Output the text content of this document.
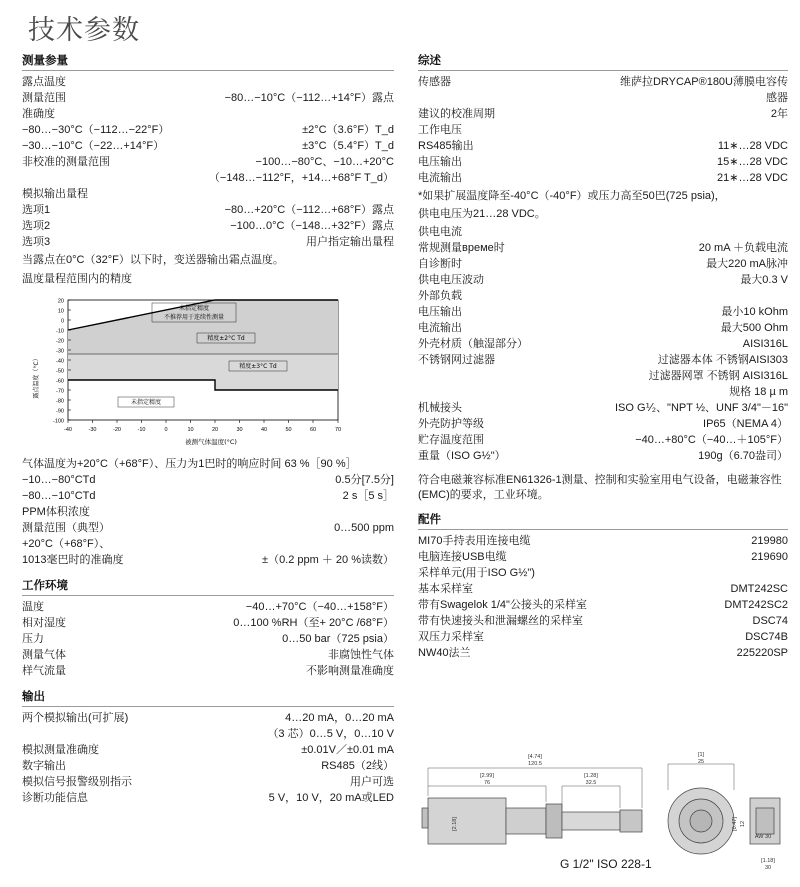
技术参数
测量参量
露点温度	
测量范围	−80…−10°C（−112…+14°F）露点
准确度	
−80…−30°C（−112…−22°F）	±2°C（3.6°F）T_d
−30…−10°C（−22…+14°F）	±3°C（5.4°F）T_d
非校准的测量范围	−100…−80°C、−10…+20°C
	（−148…−112°F，+14…+68°F T_d）
模拟输出量程	
选项1	−80…+20°C（−112…+68°F）露点
选项2	−100…0°C（−148…+32°F）露点
选项3	用户指定输出量程
当露点在0°C（32°F）以下时，变送器输出霜点温度。
温度量程范围内的精度
20
10
0
-10
-20
-30
-40
-50
-60
-70
-80
-90
-100
-40	-30	-20	-10	0	10	20	30	40	50	60	70
未指定精度
不推荐用于连续性测量
精度±2°C Td
精度±3°C Td
未指定精度
露点温度（°C）
被测气体温度(°C)
气体温度为+20°C（+68°F）、压力为1巴时的响应时间 63 %［90 %］	
−10…−80°CTd	0.5分[7.5分]
−80…−10°CTd	2 s［5 s］
PPM体积浓度	
测量范围（典型）	0…500 ppm
+20°C（+68°F）、	
1013毫巴时的准确度	±（0.2 ppm ＋ 20 %读数）
工作环境
温度	−40…+70°C（−40…+158°F）
相对湿度	0…100 %RH（至+ 20°C /68°F）
压力	0…50 bar（725 psia）
测量气体	非腐蚀性气体
样气流量	不影响测量准确度
输出
两个模拟输出(可扩展)	4…20 mA，0…20 mA
	（3 芯）0…5 V，0…10 V
模拟测量准确度	±0.01V／±0.01 mA
数字输出	RS485（2线）
模拟信号报警级别指示	用户可选
诊断功能信息	5 V，10 V，20 mA或LED
综述
传感器	维萨拉DRYCAP®180U薄膜电容传
	感器
建议的校准周期	2年
工作电压	
RS485输出	11∗…28 VDC
电压输出	15∗…28 VDC
电流输出	21∗…28 VDC
*如果扩展温度降至-40°C（-40°F）或压力高至50巴(725 psia)，
供电电压为21…28 VDC。
供电电流	
常规测量време时	20 mA ＋负载电流
自诊断时	最大220 mA脉冲
供电电压波动	最大0.3 V
外部负载	
电压输出	最小10 kOhm
电流输出	最大500 Ohm
外壳材质（触湿部分）	AISI316L
不锈钢网过滤器	过滤器本体 不锈钢AISI303
	过滤器网罩 不锈钢 AISI316L
	规格 18 µ m
机械接头	ISO G⅟₂、"NPT ½、UNF 3/4"－16"
外壳防护等级	IP65（NEMA 4）
贮存温度范围	−40…+80°C（−40…＋105°F）
重量（ISO G½"）	190g（6.70盎司）
符合电磁兼容标准EN61326-1测量、控制和实验室用电气设备，电磁兼容性(EMC)的要求，工业环境。
配件
MI70手持表用连接电缆	219980
电脑连接USB电缆	219690
采样单元(用于ISO G½")	
基本采样室	DMT242SC
带有Swagelok 1/4"公接头的采样室	DMT242SC2
带有快速接头和泄漏螺丝的采样室	DSC74
双压力采样室	DSC74B
NW40法兰	225220SP
[4.74]
120.5
[2.99]
76
[1.28]
32.5
[1]
25
[1.18]
30
AW 30
[2.18]	[0.47] 12
G 1/2" ISO 228-1
